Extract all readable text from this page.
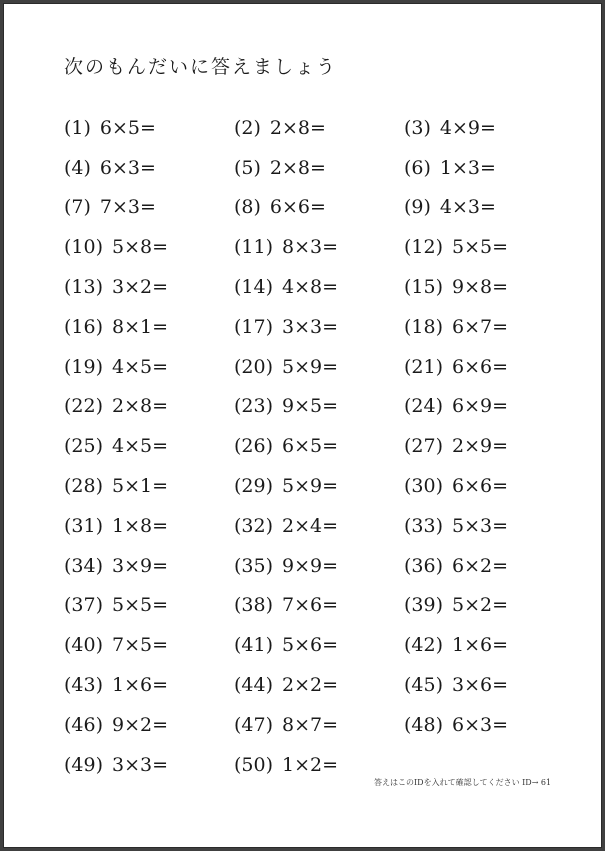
次のもんだいに答えましょう
(1) 6×5=	(2) 2×8=	(3) 4×9=
(4) 6×3=	(5) 2×8=	(6) 1×3=
(7) 7×3=	(8) 6×6=	(9) 4×3=
(10) 5×8=	(11) 8×3=	(12) 5×5=
(13) 3×2=	(14) 4×8=	(15) 9×8=
(16) 8×1=	(17) 3×3=	(18) 6×7=
(19) 4×5=	(20) 5×9=	(21) 6×6=
(22) 2×8=	(23) 9×5=	(24) 6×9=
(25) 4×5=	(26) 6×5=	(27) 2×9=
(28) 5×1=	(29) 5×9=	(30) 6×6=
(31) 1×8=	(32) 2×4=	(33) 5×3=
(34) 3×9=	(35) 9×9=	(36) 6×2=
(37) 5×5=	(38) 7×6=	(39) 5×2=
(40) 7×5=	(41) 5×6=	(42) 1×6=
(43) 1×6=	(44) 2×2=	(45) 3×6=
(46) 9×2=	(47) 8×7=	(48) 6×3=
(49) 3×3=	(50) 1×2=
答えはこのIDを入れて確認してください ID→ 61
